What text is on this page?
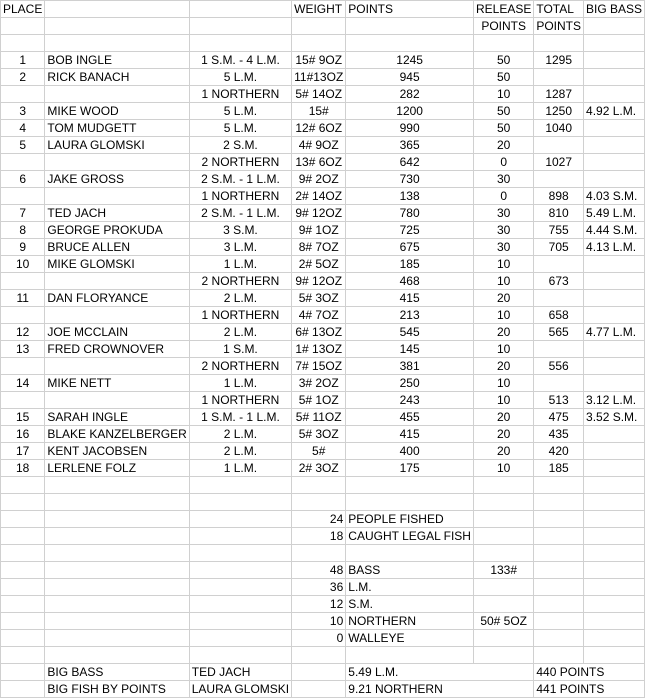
PLACE			WEIGHT	POINTS	RELEASE	TOTAL	BIG BASS
					POINTS	POINTS	

1	BOB INGLE	1 S.M. - 4 L.M.	15# 9OZ	1245	50	1295	
2	RICK BANACH	5 L.M.	11#13OZ	945	50		
		1 NORTHERN	5# 14OZ	282	10	1287	
3	MIKE WOOD	5 L.M.	15#	1200	50	1250	4.92 L.M.
4	TOM MUDGETT	5 L.M.	12# 6OZ	990	50	1040	
5	LAURA GLOMSKI	2 S.M.	4# 9OZ	365	20		
		2 NORTHERN	13# 6OZ	642	0	1027	
6	JAKE GROSS	2 S.M. - 1 L.M.	9# 2OZ	730	30		
		1 NORTHERN	2# 14OZ	138	0	898	4.03 S.M.
7	TED JACH	2 S.M. - 1 L.M.	9# 12OZ	780	30	810	5.49 L.M.
8	GEORGE PROKUDA	3 S.M.	9# 1OZ	725	30	755	4.44 S.M.
9	BRUCE ALLEN	3 L.M.	8# 7OZ	675	30	705	4.13 L.M.
10	MIKE GLOMSKI	1 L.M.	2# 5OZ	185	10		
		2 NORTHERN	9# 12OZ	468	10	673	
11	DAN FLORYANCE	2 L.M.	5# 3OZ	415	20		
		1 NORTHERN	4# 7OZ	213	10	658	
12	JOE MCCLAIN	2 L.M.	6# 13OZ	545	20	565	4.77 L.M.
13	FRED CROWNOVER	1 S.M.	1# 13OZ	145	10		
		2 NORTHERN	7# 15OZ	381	20	556	
14	MIKE NETT	1 L.M.	3# 2OZ	250	10		
		1 NORTHERN	5# 1OZ	243	10	513	3.12 L.M.
15	SARAH INGLE	1 S.M. - 1 L.M.	5# 11OZ	455	20	475	3.52 S.M.
16	BLAKE KANZELBERGER	2 L.M.	5# 3OZ	415	20	435	
17	KENT JACOBSEN	2 L.M.	5#	400	20	420	
18	LERLENE FOLZ	1 L.M.	2# 3OZ	175	10	185	

			24	PEOPLE FISHED			
			18	CAUGHT LEGAL FISH			

			48	BASS	133#		
			36	L.M.			
			12	S.M.			
			10	NORTHERN	50# 5OZ		
			0	WALLEYE			

	BIG BASS	TED JACH		5.49 L.M.		440 POINTS	
	BIG FISH BY POINTS	LAURA GLOMSKI		9.21 NORTHERN		441 POINTS	
